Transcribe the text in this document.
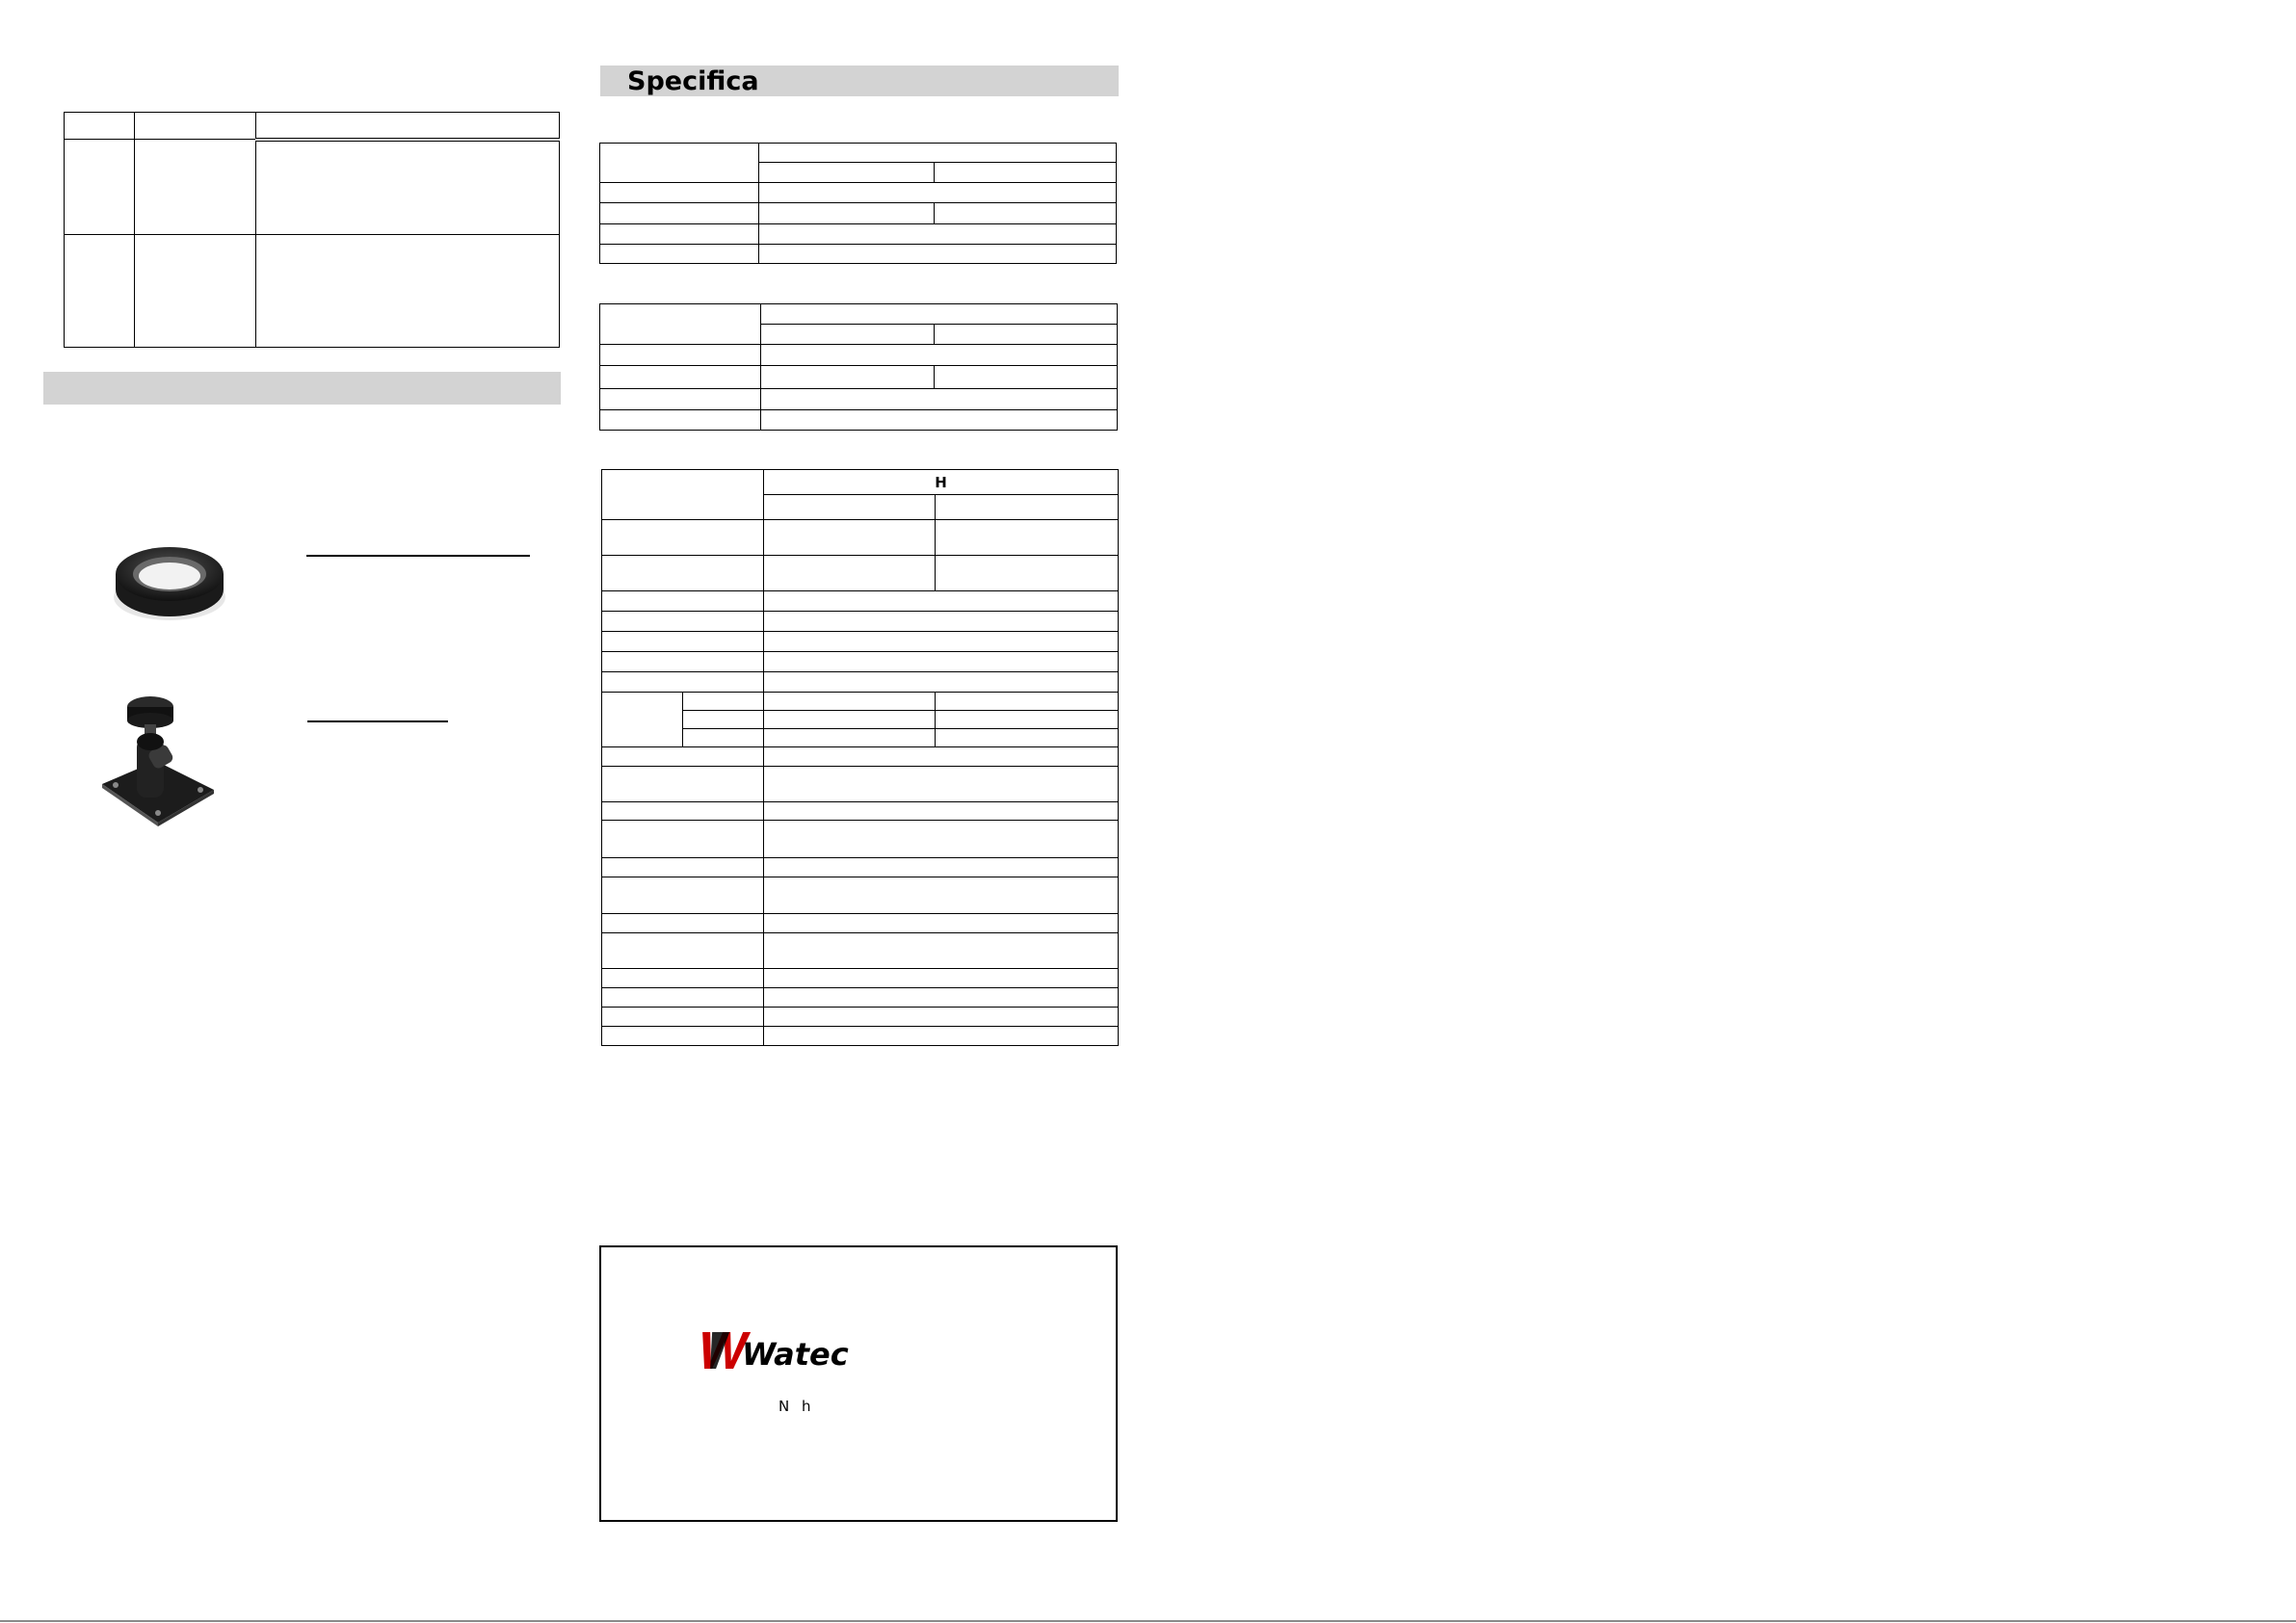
Specifica

		H	

Watec
N h
